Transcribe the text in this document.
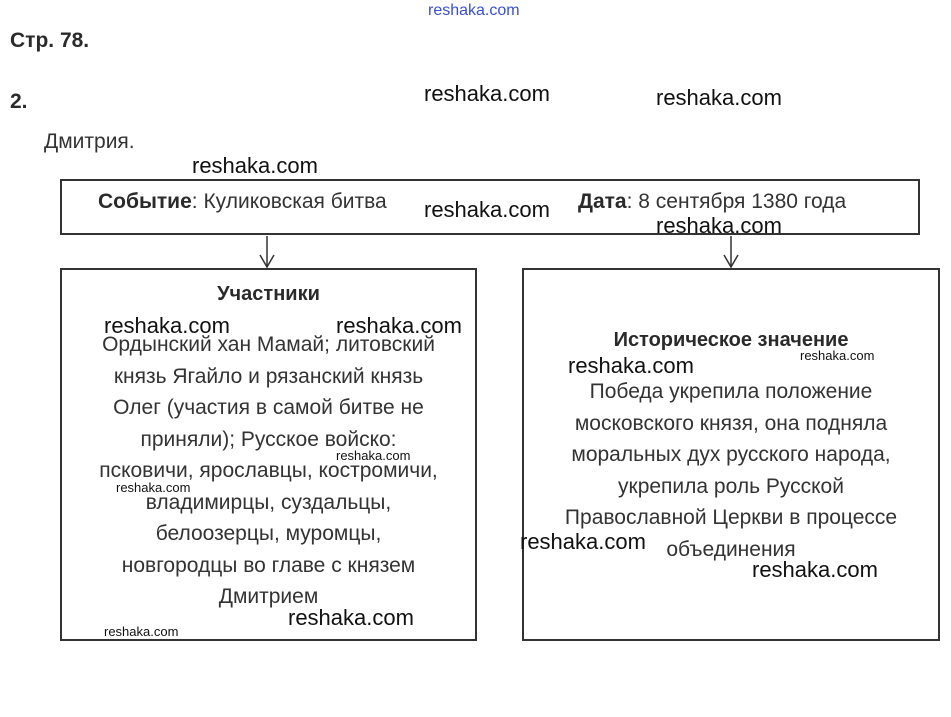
reshaka.com
Стр. 78.
2.
Дмитрия.
Событие: Куликовская битва	Дата: 8 сентября 1380 года
Участники
Ордынский хан Мамай; литовский
князь Ягайло и рязанский князь
Олег (участия в самой битве не
приняли); Русское войско:
псковичи, ярославцы, костромичи,
владимирцы, суздальцы,
белоозерцы, муромцы,
новгородцы во главе с князем
Дмитрием
Историческое значение
Победа укрепила положение
московского князя, она подняла
моральных дух русского народа,
укрепила роль Русской
Православной Церкви в процессе
объединения
reshaka.com	reshaka.com
reshaka.com
reshaka.com
reshaka.com
reshaka.com	reshaka.com
reshaka.com	reshaka.com
reshaka.com
reshaka.com
reshaka.com
reshaka.com
reshaka.com
reshaka.com
